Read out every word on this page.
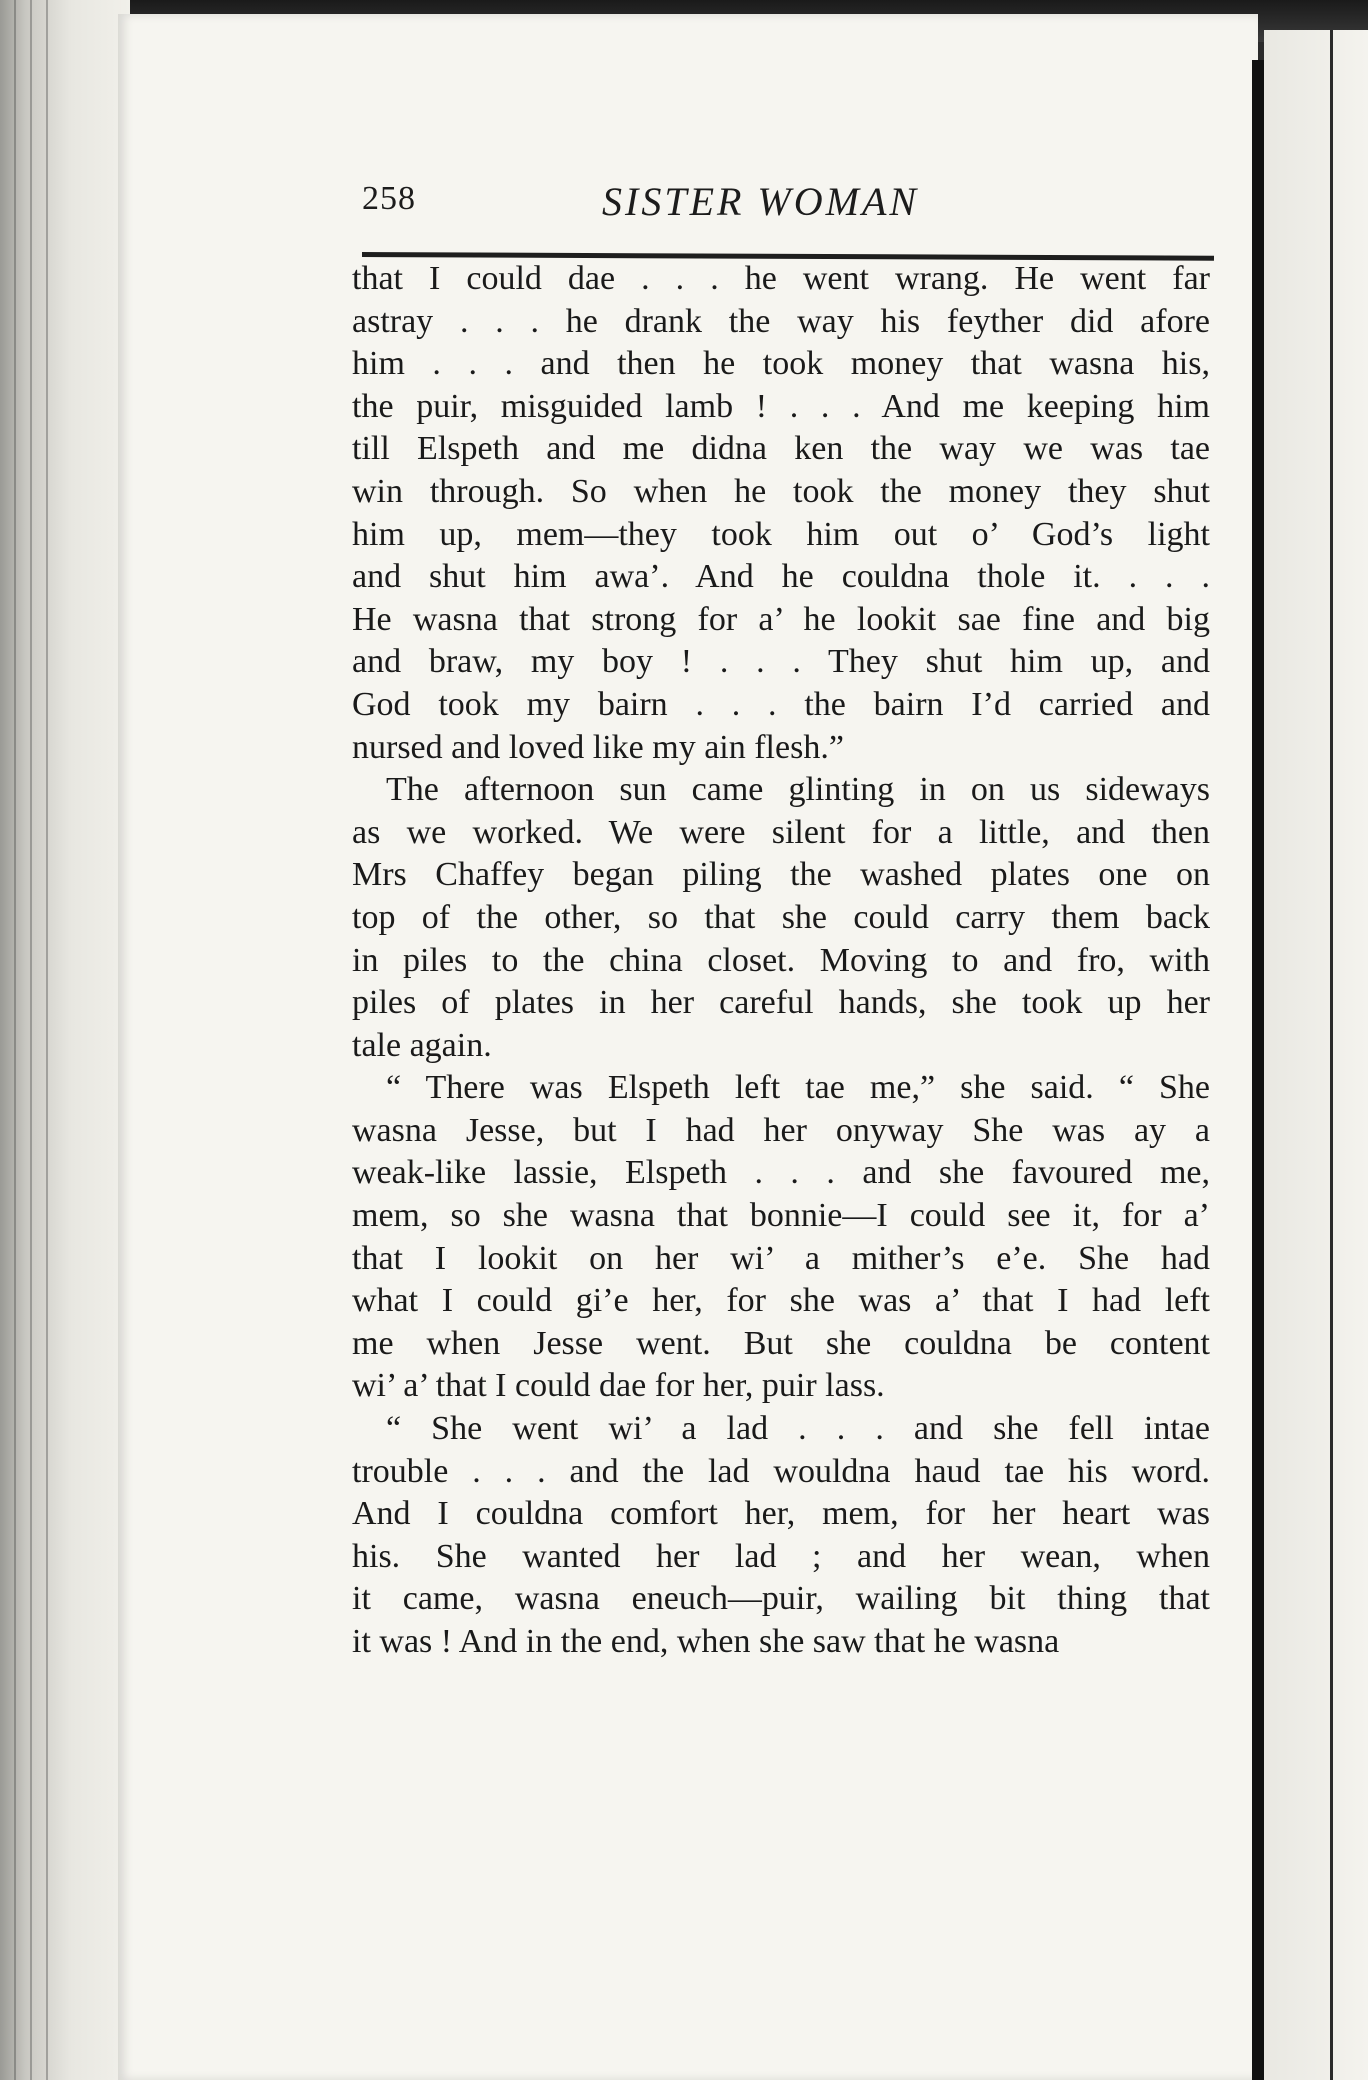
258	SISTER WOMAN
that I could dae . . . he went wrang. He went far
astray . . . he drank the way his feyther did afore
him . . . and then he took money that wasna his,
the puir, misguided lamb ! . . . And me keeping him
till Elspeth and me didna ken the way we was tae
win through. So when he took the money they shut
him up, mem—they took him out o’ God’s light
and shut him awa’. And he couldna thole it. . . .
He wasna that strong for a’ he lookit sae fine and big
and braw, my boy ! . . . They shut him up, and
God took my bairn . . . the bairn I’d carried and
nursed and loved like my ain flesh.”
The afternoon sun came glinting in on us sideways
as we worked. We were silent for a little, and then
Mrs Chaffey began piling the washed plates one on
top of the other, so that she could carry them back
in piles to the china closet. Moving to and fro, with
piles of plates in her careful hands, she took up her
tale again.
“ There was Elspeth left tae me,” she said. “ She
wasna Jesse, but I had her onyway She was ay a
weak-like lassie, Elspeth . . . and she favoured me,
mem, so she wasna that bonnie—I could see it, for a’
that I lookit on her wi’ a mither’s e’e. She had
what I could gi’e her, for she was a’ that I had left
me when Jesse went. But she couldna be content
wi’ a’ that I could dae for her, puir lass.
“ She went wi’ a lad . . . and she fell intae
trouble . . . and the lad wouldna haud tae his word.
And I couldna comfort her, mem, for her heart was
his. She wanted her lad ; and her wean, when
it came, wasna eneuch—puir, wailing bit thing that
it was ! And in the end, when she saw that he wasna
